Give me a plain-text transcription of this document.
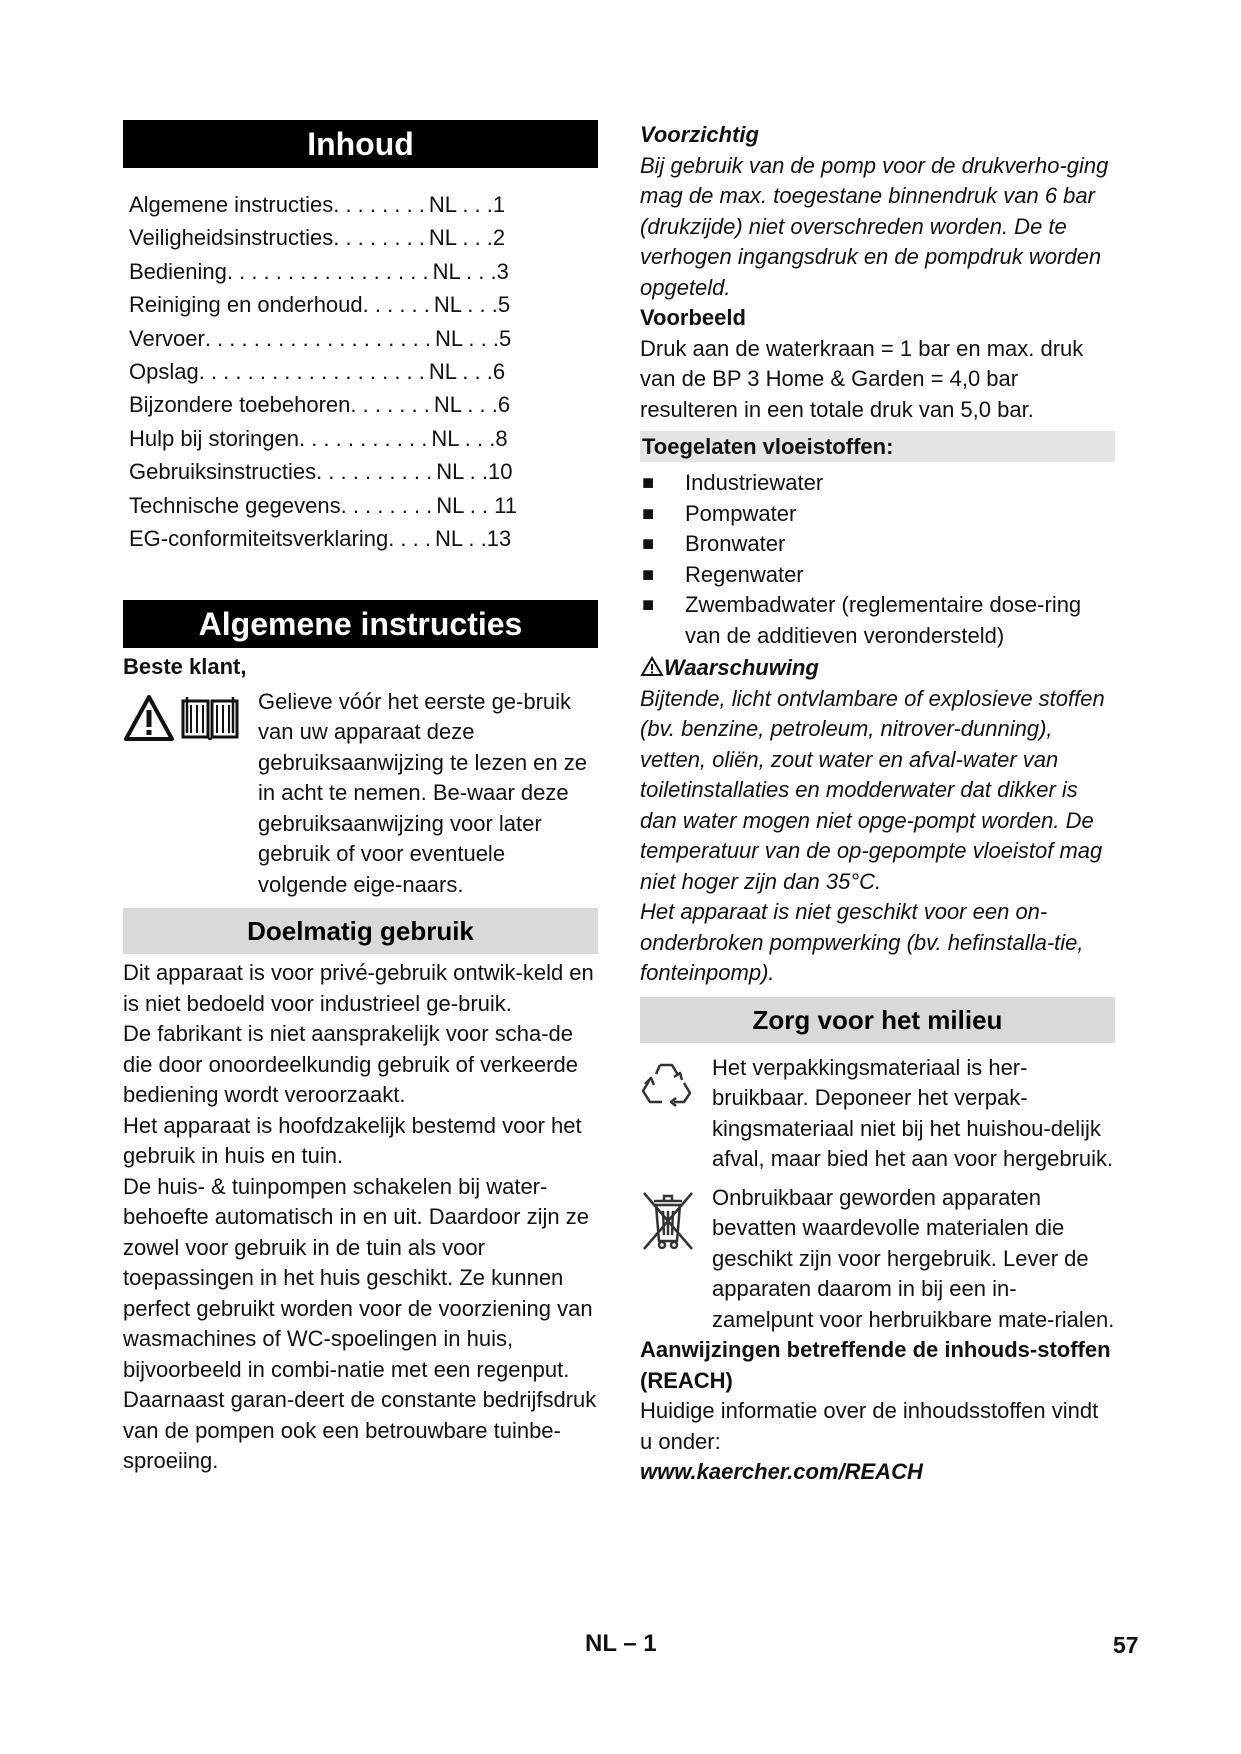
Inhoud
Algemene instructies . . . . . . . . NL . . .1
Veiligheidsinstructies . . . . . . . . NL . . .2
Bediening . . . . . . . . . . . . . . . . . NL . . .3
Reiniging en onderhoud . . . . . . NL . . .5
Vervoer . . . . . . . . . . . . . . . . . . . NL . . .5
Opslag . . . . . . . . . . . . . . . . . . . NL . . .6
Bijzondere toebehoren . . . . . . . NL . . .6
Hulp bij storingen . . . . . . . . . . . NL . . .8
Gebruiksinstructies . . . . . . . . . . NL . .10
Technische gegevens . . . . . . . . NL . . 11
EG-conformiteitsverklaring . . . . NL . .13
Algemene instructies

Beste klant,

Gelieve vóór het eerste ge-bruik van uw apparaat deze gebruiksaanwijzing te lezen en ze in acht te nemen. Be-waar deze gebruiksaanwijzing voor later gebruik of voor eventuele volgende eige-naars.

Doelmatig gebruik

Dit apparaat is voor privé-gebruik ontwik-keld en is niet bedoeld voor industrieel ge-bruik.

De fabrikant is niet aansprakelijk voor scha-de die door onoordeelkundig gebruik of verkeerde bediening wordt veroorzaakt.

Het apparaat is hoofdzakelijk bestemd voor het gebruik in huis en tuin.

De huis- & tuinpompen schakelen bij water-behoefte automatisch in en uit. Daardoor zijn ze zowel voor gebruik in de tuin als voor toepassingen in het huis geschikt. Ze kunnen perfect gebruikt worden voor de voorziening van wasmachines of WC-spoelingen in huis, bijvoorbeeld in combi-natie met een regenput. Daarnaast garan-deert de constante bedrijfsdruk van de pompen ook een betrouwbare tuinbe-sproeiing.

Voorzichtig

Bij gebruik van de pomp voor de drukverho-ging mag de max. toegestane binnendruk van 6 bar (drukzijde) niet overschreden worden. De te verhogen ingangsdruk en de pompdruk worden opgeteld.

Voorbeeld

Druk aan de waterkraan = 1 bar en max. druk van de BP 3 Home & Garden = 4,0 bar resulteren in een totale druk van 5,0 bar.

Toegelaten vloeistoffen:
■	Industriewater
■	Pompwater
■	Bronwater
■	Regenwater
■	Zwembadwater (reglementaire dose-ring van de additieven verondersteld)

Waarschuwing

Bijtende, licht ontvlambare of explosieve stoffen (bv. benzine, petroleum, nitrover-dunning), vetten, oliën, zout water en afval-water van toiletinstallaties en modderwater dat dikker is dan water mogen niet opge-pompt worden. De temperatuur van de op-gepompte vloeistof mag niet hoger zijn dan 35°C.

Het apparaat is niet geschikt voor een on-onderbroken pompwerking (bv. hefinstalla-tie, fonteinpomp).

Zorg voor het milieu

Het verpakkingsmateriaal is her-bruikbaar. Deponeer het verpak-kingsmateriaal niet bij het huishou-delijk afval, maar bied het aan voor hergebruik.

Onbruikbaar geworden apparaten bevatten waardevolle materialen die geschikt zijn voor hergebruik. Lever de apparaten daarom in bij een in-zamelpunt voor herbruikbare mate-rialen.

Aanwijzingen betreffende de inhouds-stoffen (REACH)

Huidige informatie over de inhoudsstoffen vindt u onder:

www.kaercher.com/REACH

NL – 1	57
